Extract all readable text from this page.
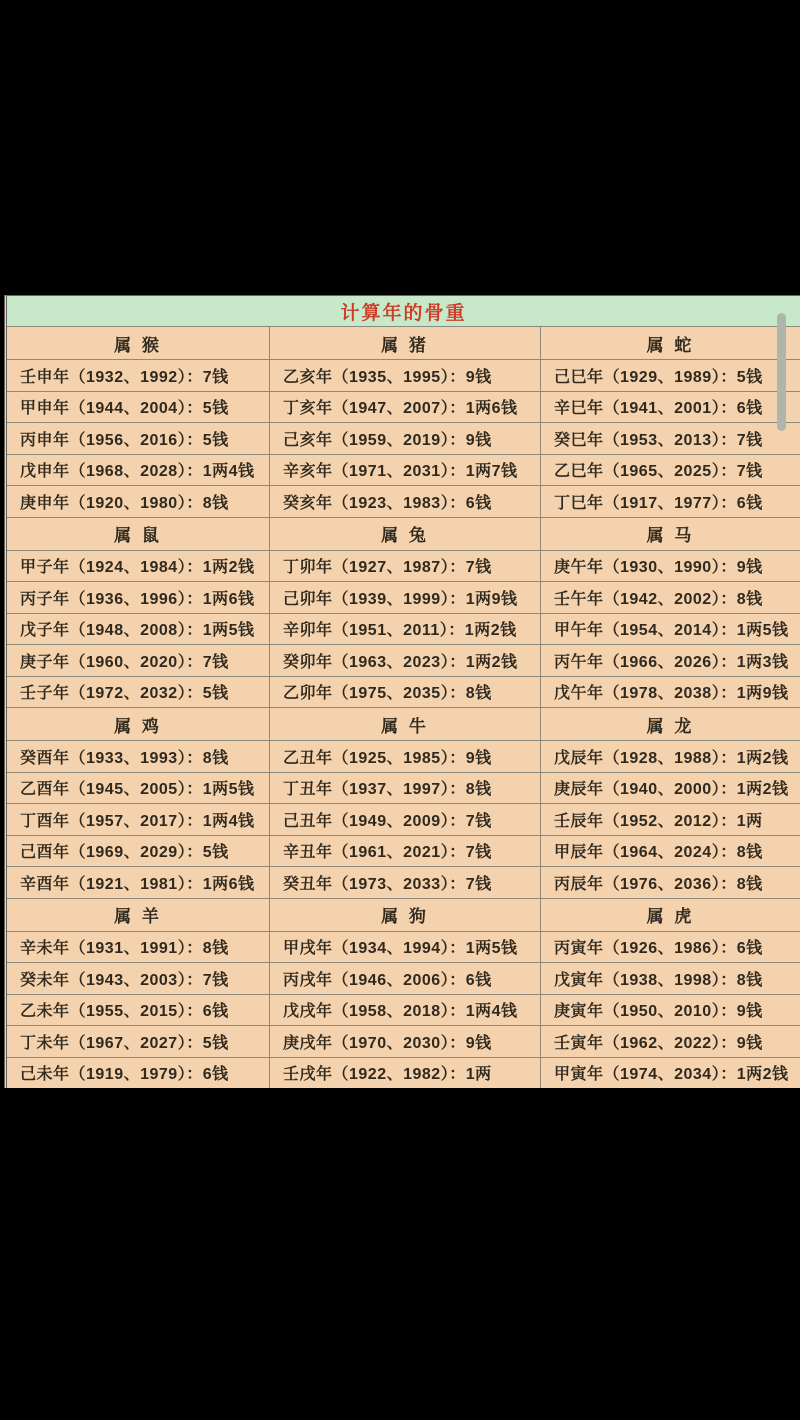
计算年的骨重
属 猴	属 猪	属 蛇
壬申年（1932、1992）：7钱	乙亥年（1935、1995）：9钱	己巳年（1929、1989）：5钱
甲申年（1944、2004）：5钱	丁亥年（1947、2007）：1两6钱	辛巳年（1941、2001）：6钱
丙申年（1956、2016）：5钱	己亥年（1959、2019）：9钱	癸巳年（1953、2013）：7钱
戊申年（1968、2028）：1两4钱	辛亥年（1971、2031）：1两7钱	乙巳年（1965、2025）：7钱
庚申年（1920、1980）：8钱	癸亥年（1923、1983）：6钱	丁巳年（1917、1977）：6钱
属 鼠	属 兔	属 马
甲子年（1924、1984）：1两2钱	丁卯年（1927、1987）：7钱	庚午年（1930、1990）：9钱
丙子年（1936、1996）：1两6钱	己卯年（1939、1999）：1两9钱	壬午年（1942、2002）：8钱
戊子年（1948、2008）：1两5钱	辛卯年（1951、2011）：1两2钱	甲午年（1954、2014）：1两5钱
庚子年（1960、2020）：7钱	癸卯年（1963、2023）：1两2钱	丙午年（1966、2026）：1两3钱
壬子年（1972、2032）：5钱	乙卯年（1975、2035）：8钱	戊午年（1978、2038）：1两9钱
属 鸡	属 牛	属 龙
癸酉年（1933、1993）：8钱	乙丑年（1925、1985）：9钱	戊辰年（1928、1988）：1两2钱
乙酉年（1945、2005）：1两5钱	丁丑年（1937、1997）：8钱	庚辰年（1940、2000）：1两2钱
丁酉年（1957、2017）：1两4钱	己丑年（1949、2009）：7钱	壬辰年（1952、2012）：1两
己酉年（1969、2029）：5钱	辛丑年（1961、2021）：7钱	甲辰年（1964、2024）：8钱
辛酉年（1921、1981）：1两6钱	癸丑年（1973、2033）：7钱	丙辰年（1976、2036）：8钱
属 羊	属 狗	属 虎
辛未年（1931、1991）：8钱	甲戌年（1934、1994）：1两5钱	丙寅年（1926、1986）：6钱
癸未年（1943、2003）：7钱	丙戌年（1946、2006）：6钱	戊寅年（1938、1998）：8钱
乙未年（1955、2015）：6钱	戊戌年（1958、2018）：1两4钱	庚寅年（1950、2010）：9钱
丁未年（1967、2027）：5钱	庚戌年（1970、2030）：9钱	壬寅年（1962、2022）：9钱
己未年（1919、1979）：6钱	壬戌年（1922、1982）：1两	甲寅年（1974、2034）：1两2钱
